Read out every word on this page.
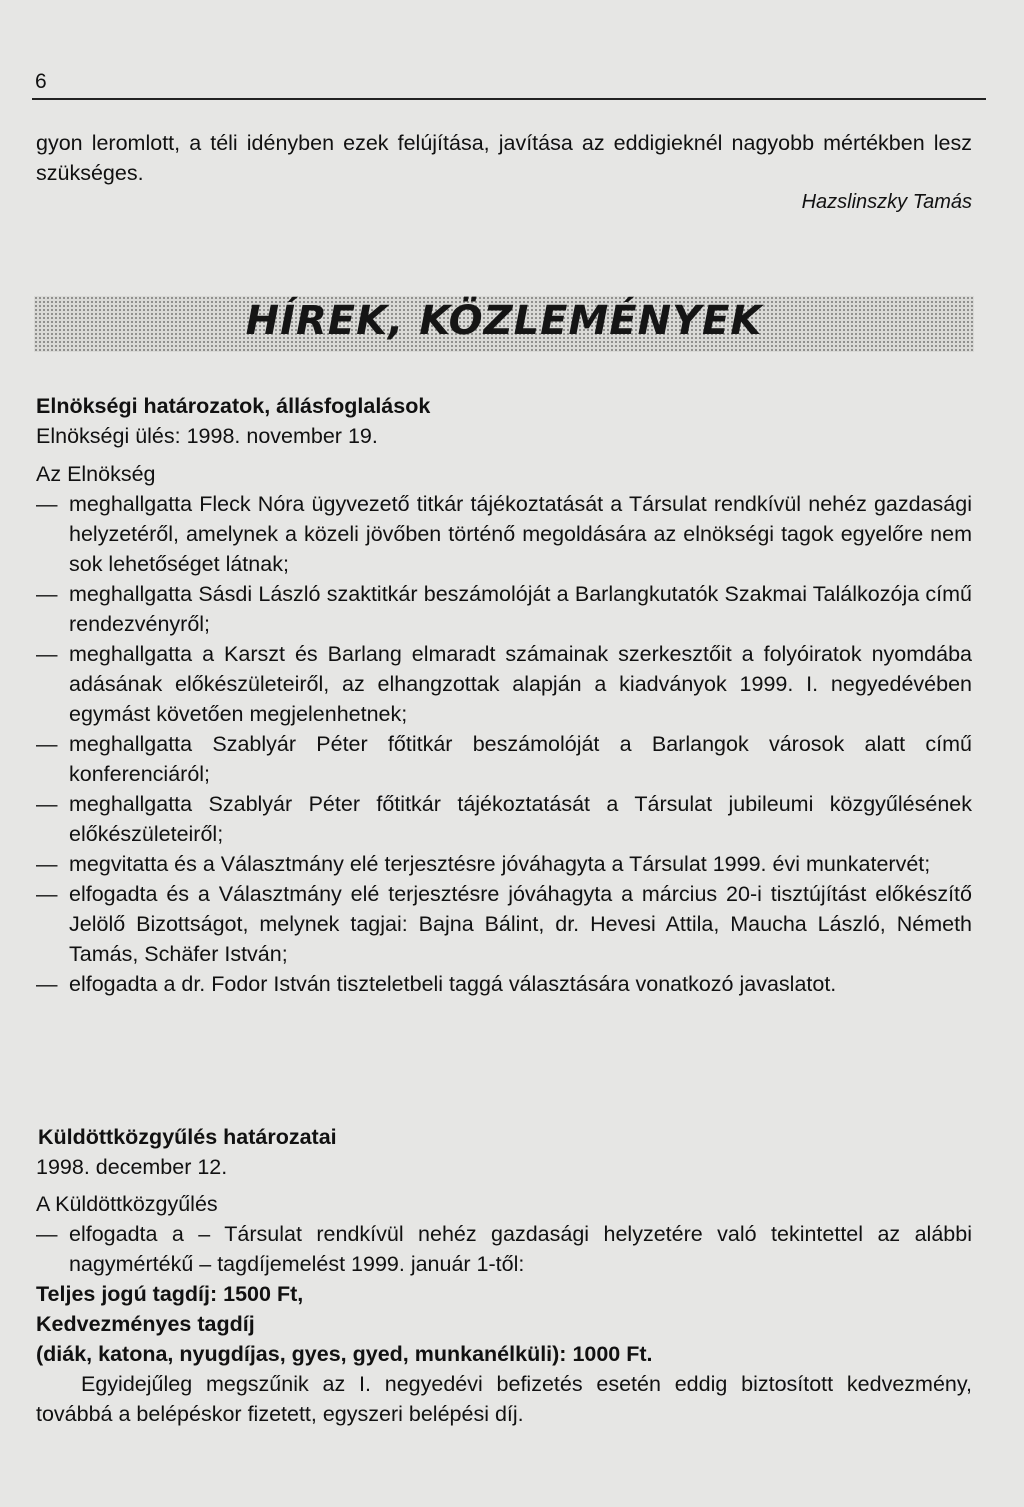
6

gyon leromlott, a téli idényben ezek felújítása, javítása az eddigieknél nagyobb mértékben lesz szükséges.

Hazslinszky Tamás

HÍREK, KÖZLEMÉNYEK

Elnökségi határozatok, állásfoglalások

Elnökségi ülés: 1998. november 19.

Az Elnökség

— meghallgatta Fleck Nóra ügyvezető titkár tájékoztatását a Társulat rendkívül nehéz gazdasági helyzetéről, amelynek a közeli jövőben történő megoldására az elnökségi tagok egyelőre nem sok lehetőséget látnak;

— meghallgatta Sásdi László szaktitkár beszámolóját a Barlangkutatók Szakmai Találkozója című rendezvényről;

— meghallgatta a Karszt és Barlang elmaradt számainak szerkesztőit a folyóiratok nyomdába adásának előkészületeiről, az elhangzottak alapján a kiadványok 1999. I. negyedévében egymást követően megjelenhetnek;

— meghallgatta Szablyár Péter főtitkár beszámolóját a Barlangok városok alatt című konferenciáról;

— meghallgatta Szablyár Péter főtitkár tájékoztatását a Társulat jubileumi közgyűlésének előkészületeiről;

— megvitatta és a Választmány elé terjesztésre jóváhagyta a Társulat 1999. évi munkatervét;

— elfogadta és a Választmány elé terjesztésre jóváhagyta a március 20-i tisztújítást előkészítő Jelölő Bizottságot, melynek tagjai: Bajna Bálint, dr. Hevesi Attila, Maucha László, Németh Tamás, Schäfer István;

— elfogadta a dr. Fodor István tiszteletbeli taggá választására vonatkozó javaslatot.

Küldöttközgyűlés határozatai

1998. december 12.

A Küldöttközgyűlés

— elfogadta a – Társulat rendkívül nehéz gazdasági helyzetére való tekintettel az alábbi nagymértékű – tagdíjemelést 1999. január 1-től:

Teljes jogú tagdíj: 1500 Ft,

Kedvezményes tagdíj

(diák, katona, nyugdíjas, gyes, gyed, munkanélküli): 1000 Ft.

Egyidejűleg megszűnik az I. negyedévi befizetés esetén eddig biztosított kedvezmény, továbbá a belépéskor fizetett, egyszeri belépési díj.
